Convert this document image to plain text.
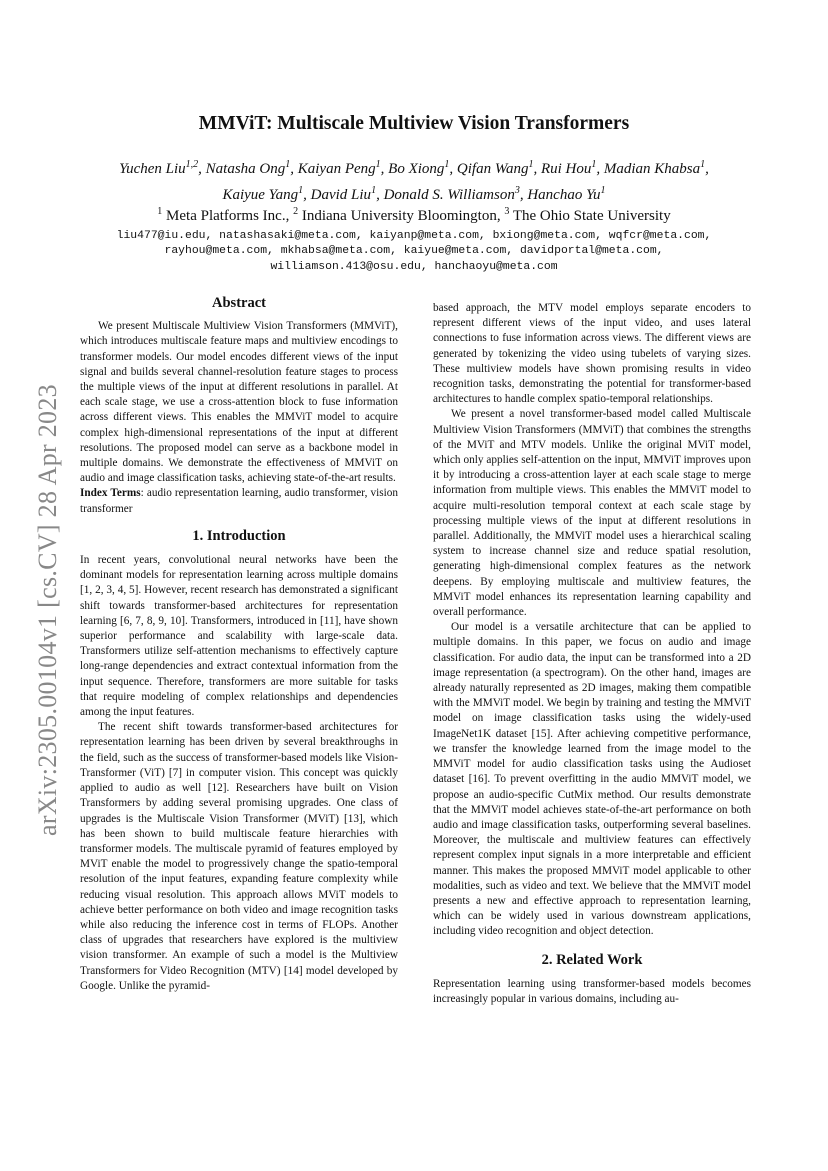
arXiv:2305.00104v1 [cs.CV] 28 Apr 2023
MMViT: Multiscale Multiview Vision Transformers
Yuchen Liu$^{1,2}$, Natasha Ong$^1$, Kaiyan Peng$^1$, Bo Xiong$^1$, Qifan Wang$^1$, Rui Hou$^1$, Madian Khabsa$^1$,
Kaiyue Yang$^1$, David Liu$^1$, Donald S. Williamson$^3$, Hanchao Yu$^1$
$^1$ Meta Platforms Inc., $^2$ Indiana University Bloomington, $^3$ The Ohio State University
liu477@iu.edu, natashasaki@meta.com, kaiyanp@meta.com, bxiong@meta.com, wqfcr@meta.com,
rayhou@meta.com, mkhabsa@meta.com, kaiyue@meta.com, davidportal@meta.com,
williamson.413@osu.edu, hanchaoyu@meta.com
Abstract

We present Multiscale Multiview Vision Transformers (MMViT), which introduces multiscale feature maps and multiview encodings to transformer models. Our model encodes different views of the input signal and builds several channel-resolution feature stages to process the multiple views of the input at different resolutions in parallel. At each scale stage, we use a cross-attention block to fuse information across different views. This enables the MMViT model to acquire complex high-dimensional representations of the input at different resolutions. The proposed model can serve as a backbone model in multiple domains. We demonstrate the effectiveness of MMViT on audio and image classification tasks, achieving state-of-the-art results.

Index Terms: audio representation learning, audio transformer, vision transformer

1. Introduction

In recent years, convolutional neural networks have been the dominant models for representation learning across multiple domains [1, 2, 3, 4, 5]. However, recent research has demonstrated a significant shift towards transformer-based architectures for representation learning [6, 7, 8, 9, 10]. Transformers, introduced in [11], have shown superior performance and scalability with large-scale data. Transformers utilize self-attention mechanisms to effectively capture long-range dependencies and extract contextual information from the input sequence. Therefore, transformers are more suitable for tasks that require modeling of complex relationships and dependencies among the input features.

The recent shift towards transformer-based architectures for representation learning has been driven by several breakthroughs in the field, such as the success of transformer-based models like Vision-Transformer (ViT) [7] in computer vision. This concept was quickly applied to audio as well [12]. Researchers have built on Vision Transformers by adding several promising upgrades. One class of upgrades is the Multiscale Vision Transformer (MViT) [13], which has been shown to build multiscale feature hierarchies with transformer models. The multiscale pyramid of features employed by MViT enable the model to progressively change the spatio-temporal resolution of the input features, expanding feature complexity while reducing visual resolution. This approach allows MViT models to achieve better performance on both video and image recognition tasks while also reducing the inference cost in terms of FLOPs. Another class of upgrades that researchers have explored is the multiview vision transformer. An example of such a model is the Multiview Transformers for Video Recognition (MTV) [14] model developed by Google. Unlike the pyramid-

based approach, the MTV model employs separate encoders to represent different views of the input video, and uses lateral connections to fuse information across views. The different views are generated by tokenizing the video using tubelets of varying sizes. These multiview models have shown promising results in video recognition tasks, demonstrating the potential for transformer-based architectures to handle complex spatio-temporal relationships.

We present a novel transformer-based model called Multiscale Multiview Vision Transformers (MMViT) that combines the strengths of the MViT and MTV models. Unlike the original MViT model, which only applies self-attention on the input, MMViT improves upon it by introducing a cross-attention layer at each scale stage to merge information from multiple views. This enables the MMViT model to acquire multi-resolution temporal context at each scale stage by processing multiple views of the input at different resolutions in parallel. Additionally, the MMViT model uses a hierarchical scaling system to increase channel size and reduce spatial resolution, generating high-dimensional complex features as the network deepens. By employing multiscale and multiview features, the MMViT model enhances its representation learning capability and overall performance.

Our model is a versatile architecture that can be applied to multiple domains. In this paper, we focus on audio and image classification. For audio data, the input can be transformed into a 2D image representation (a spectrogram). On the other hand, images are already naturally represented as 2D images, making them compatible with the MMViT model. We begin by training and testing the MMViT model on image classification tasks using the widely-used ImageNet1K dataset [15]. After achieving competitive performance, we transfer the knowledge learned from the image model to the MMViT model for audio classification tasks using the Audioset dataset [16]. To prevent overfitting in the audio MMViT model, we propose an audio-specific CutMix method. Our results demonstrate that the MMViT model achieves state-of-the-art performance on both audio and image classification tasks, outperforming several baselines. Moreover, the multiscale and multiview features can effectively represent complex input signals in a more interpretable and efficient manner. This makes the proposed MMViT model applicable to other modalities, such as video and text. We believe that the MMViT model presents a new and effective approach to representation learning, which can be widely used in various downstream applications, including video recognition and object detection.

2. Related Work

Representation learning using transformer-based models becomes increasingly popular in various domains, including au-
